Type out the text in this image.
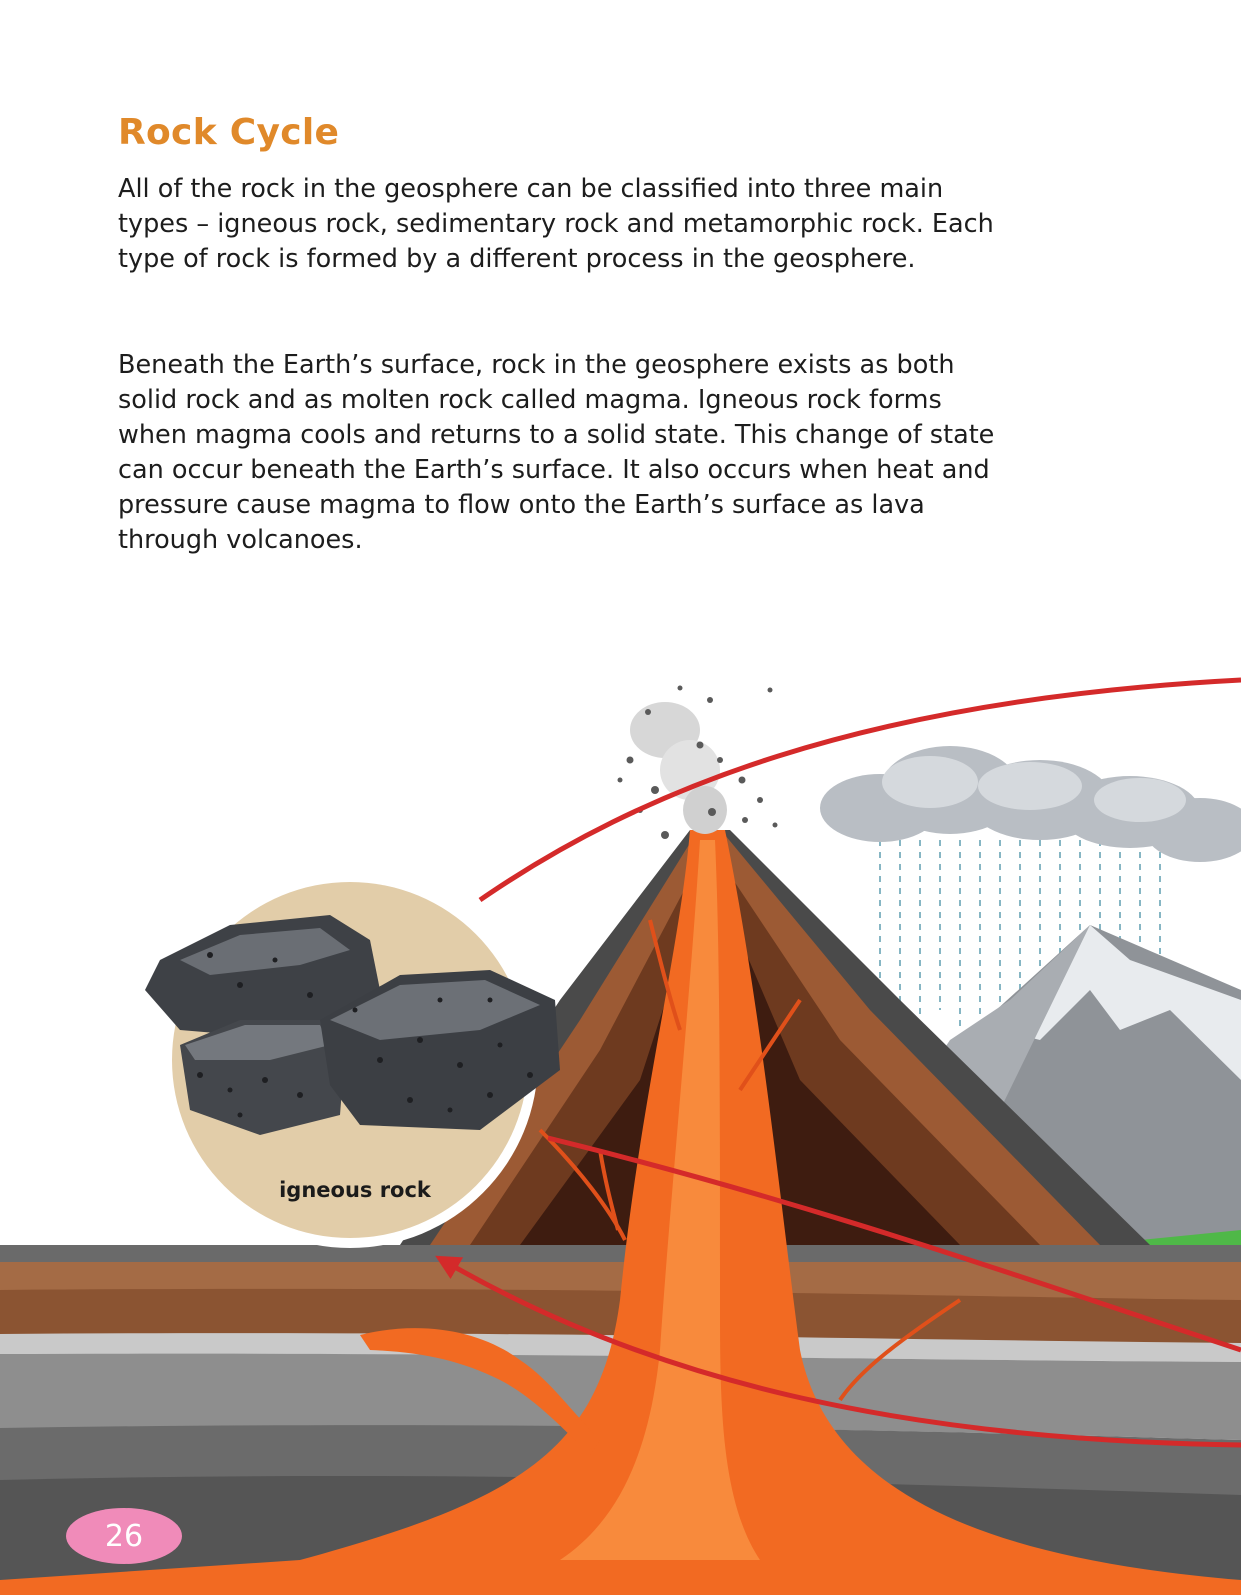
Rock Cycle

All of the rock in the geosphere can be classified into three main types – igneous rock, sedimentary rock and metamorphic rock. Each type of rock is formed by a different process in the geosphere.

Beneath the Earth’s surface, rock in the geosphere exists as both solid rock and as molten rock called magma. Igneous rock forms when magma cools and returns to a solid state. This change of state can occur beneath the Earth’s surface. It also occurs when heat and pressure cause magma to flow onto the Earth’s surface as lava through volcanoes.

igneous rock
26
